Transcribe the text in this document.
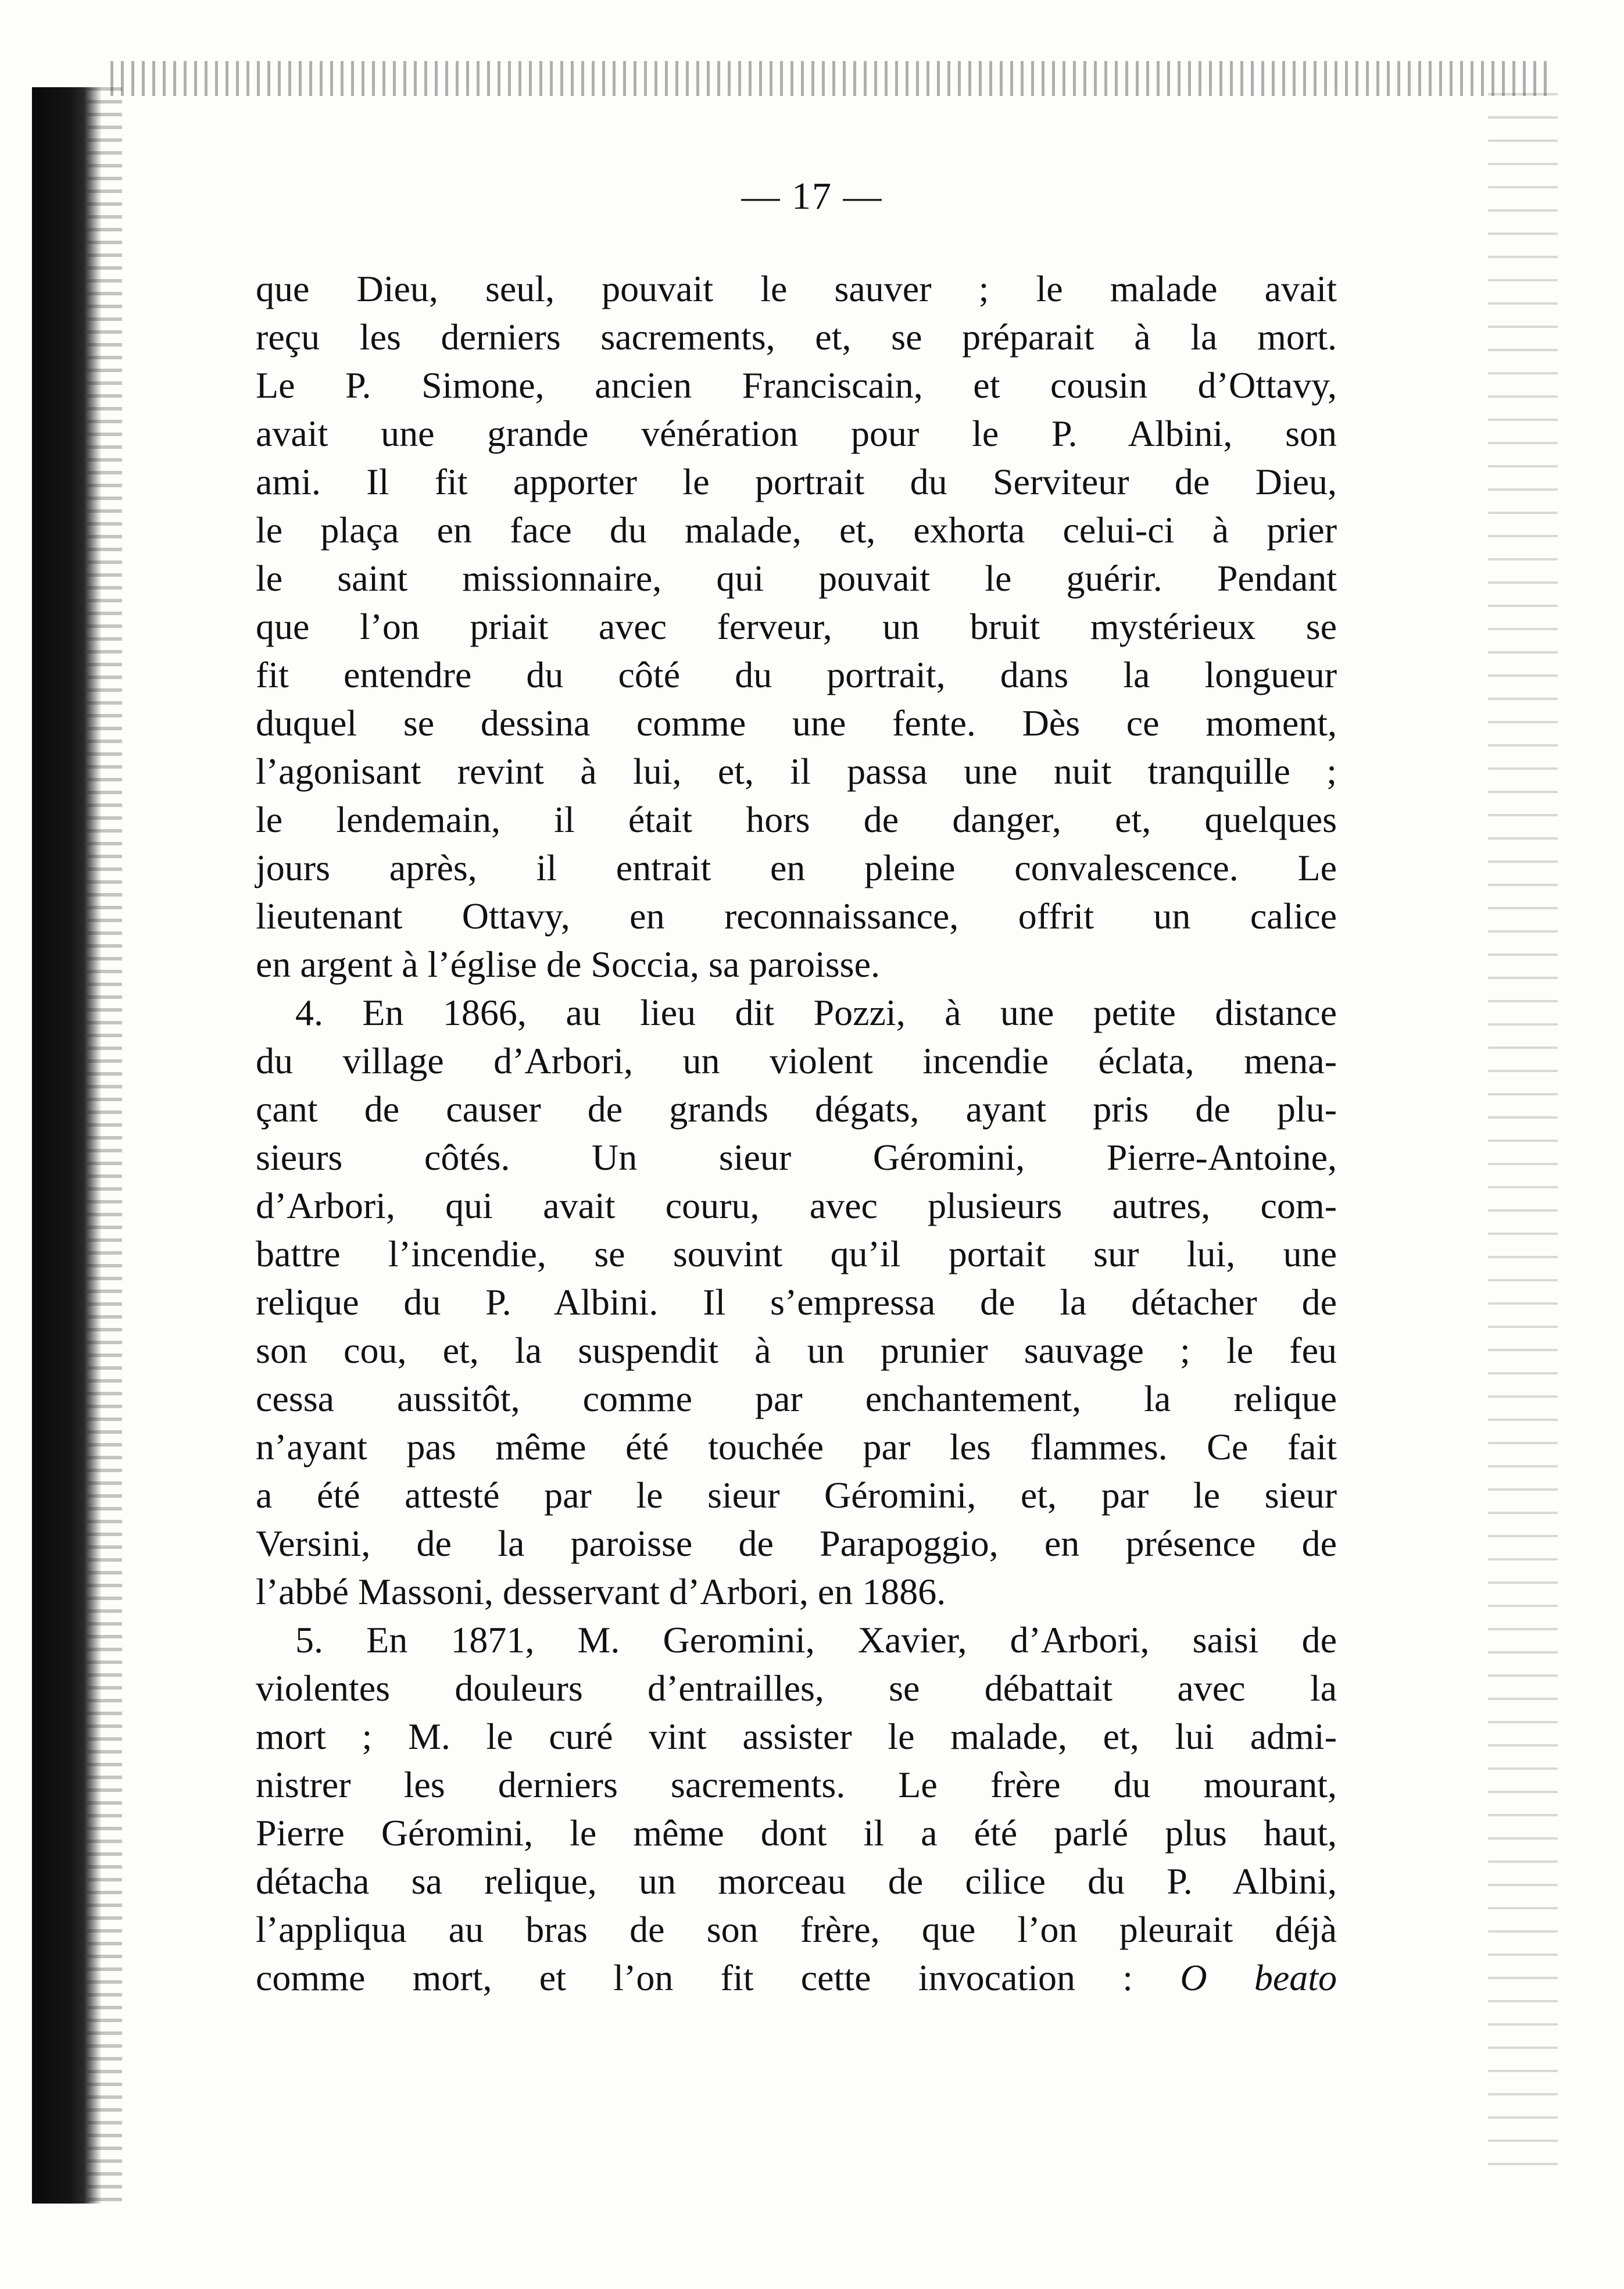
— 17 —
que Dieu, seul, pouvait le sauver ; le malade avait
reçu les derniers sacrements, et, se préparait à la mort.
Le P. Simone, ancien Franciscain, et cousin d’Ottavy,
avait une grande vénération pour le P. Albini, son
ami. Il fit apporter le portrait du Serviteur de Dieu,
le plaça en face du malade, et, exhorta celui-ci à prier
le saint missionnaire, qui pouvait le guérir. Pendant
que l’on priait avec ferveur, un bruit mystérieux se
fit entendre du côté du portrait, dans la longueur
duquel se dessina comme une fente. Dès ce moment,
l’agonisant revint à lui, et, il passa une nuit tranquille ;
le lendemain, il était hors de danger, et, quelques
jours après, il entrait en pleine convalescence. Le
lieutenant Ottavy, en reconnaissance, offrit un calice
en argent à l’église de Soccia, sa paroisse.
4. En 1866, au lieu dit Pozzi, à une petite distance
du village d’Arbori, un violent incendie éclata, mena-
çant de causer de grands dégats, ayant pris de plu-
sieurs côtés. Un sieur Géromini, Pierre-Antoine,
d’Arbori, qui avait couru, avec plusieurs autres, com-
battre l’incendie, se souvint qu’il portait sur lui, une
relique du P. Albini. Il s’empressa de la détacher de
son cou, et, la suspendit à un prunier sauvage ; le feu
cessa aussitôt, comme par enchantement, la relique
n’ayant pas même été touchée par les flammes. Ce fait
a été attesté par le sieur Géromini, et, par le sieur
Versini, de la paroisse de Parapoggio, en présence de
l’abbé Massoni, desservant d’Arbori, en 1886.
5. En 1871, M. Geromini, Xavier, d’Arbori, saisi de
violentes douleurs d’entrailles, se débattait avec la
mort ; M. le curé vint assister le malade, et, lui admi-
nistrer les derniers sacrements. Le frère du mourant,
Pierre Géromini, le même dont il a été parlé plus haut,
détacha sa relique, un morceau de cilice du P. Albini,
l’appliqua au bras de son frère, que l’on pleurait déjà
comme mort, et l’on fit cette invocation : O beato
